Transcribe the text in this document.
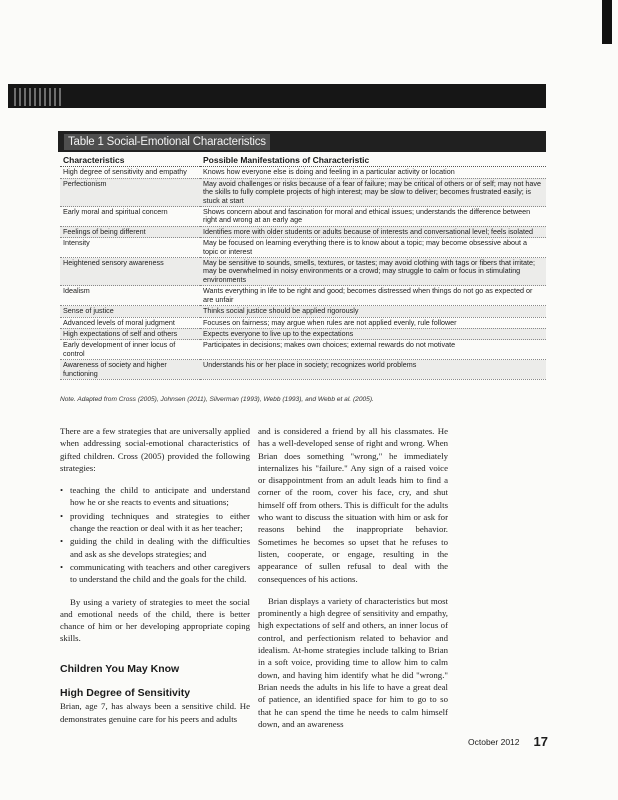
Table 1 Social-Emotional Characteristics
Characteristics	Possible Manifestations of Characteristic
High degree of sensitivity and empathy	Knows how everyone else is doing and feeling in a particular activity or location
Perfectionism	May avoid challenges or risks because of a fear of failure; may be critical of others or of self; may not have the skills to fully complete projects of high interest; may be slow to deliver; becomes frustrated easily; is stuck at start
Early moral and spiritual concern	Shows concern about and fascination for moral and ethical issues; understands the difference between right and wrong at an early age
Feelings of being different	Identifies more with older students or adults because of interests and conversational level; feels isolated
Intensity	May be focused on learning everything there is to know about a topic; may become obsessive about a topic or interest
Heightened sensory awareness	May be sensitive to sounds, smells, textures, or tastes; may avoid clothing with tags or fibers that irritate; may be overwhelmed in noisy environments or a crowd; may struggle to calm or focus in stimulating environments
Idealism	Wants everything in life to be right and good; becomes distressed when things do not go as expected or are unfair
Sense of justice	Thinks social justice should be applied rigorously
Advanced levels of moral judgment	Focuses on fairness; may argue when rules are not applied evenly, rule follower
High expectations of self and others	Expects everyone to live up to the expectations
Early development of inner locus of control	Participates in decisions; makes own choices; external rewards do not motivate
Awareness of society and higher functioning	Understands his or her place in society; recognizes world problems
Note. Adapted from Cross (2005), Johnsen (2011), Silverman (1993), Webb (1993), and Webb et al. (2005).

There are a few strategies that are universally applied when addressing social-emotional characteristics of gifted children. Cross (2005) provided the following strategies:

• teaching the child to anticipate and understand how he or she reacts to events and situations;
• providing techniques and strategies to either change the reaction or deal with it as her teacher;
• guiding the child in dealing with the difficulties and ask as she develops strategies; and
• communicating with teachers and other caregivers to understand the child and the goals for the child.

By using a variety of strategies to meet the social and emotional needs of the child, there is better chance of him or her developing appropriate coping skills.

Children You May Know
High Degree of Sensitivity

Brian, age 7, has always been a sensitive child. He demonstrates genuine care for his peers and adults

and is considered a friend by all his classmates. He has a well-developed sense of right and wrong. When Brian does something "wrong," he immediately internalizes his "failure." Any sign of a raised voice or disappointment from an adult leads him to find a corner of the room, cover his face, cry, and shut himself off from others. This is difficult for the adults who want to discuss the situation with him or ask for reasons behind the inappropriate behavior. Sometimes he becomes so upset that he refuses to listen, cooperate, or engage, resulting in the appearance of sullen refusal to deal with the consequences of his actions.

Brian displays a variety of characteristics but most prominently a high degree of sensitivity and empathy, high expectations of self and others, an inner locus of control, and perfectionism related to behavior and idealism. At-home strategies include talking to Brian in a soft voice, providing time to allow him to calm down, and having him identify what he did "wrong." Brian needs the adults in his life to have a great deal of patience, an identified space for him to go to so that he can spend the time he needs to calm himself down, and an awareness

October 2012 17
